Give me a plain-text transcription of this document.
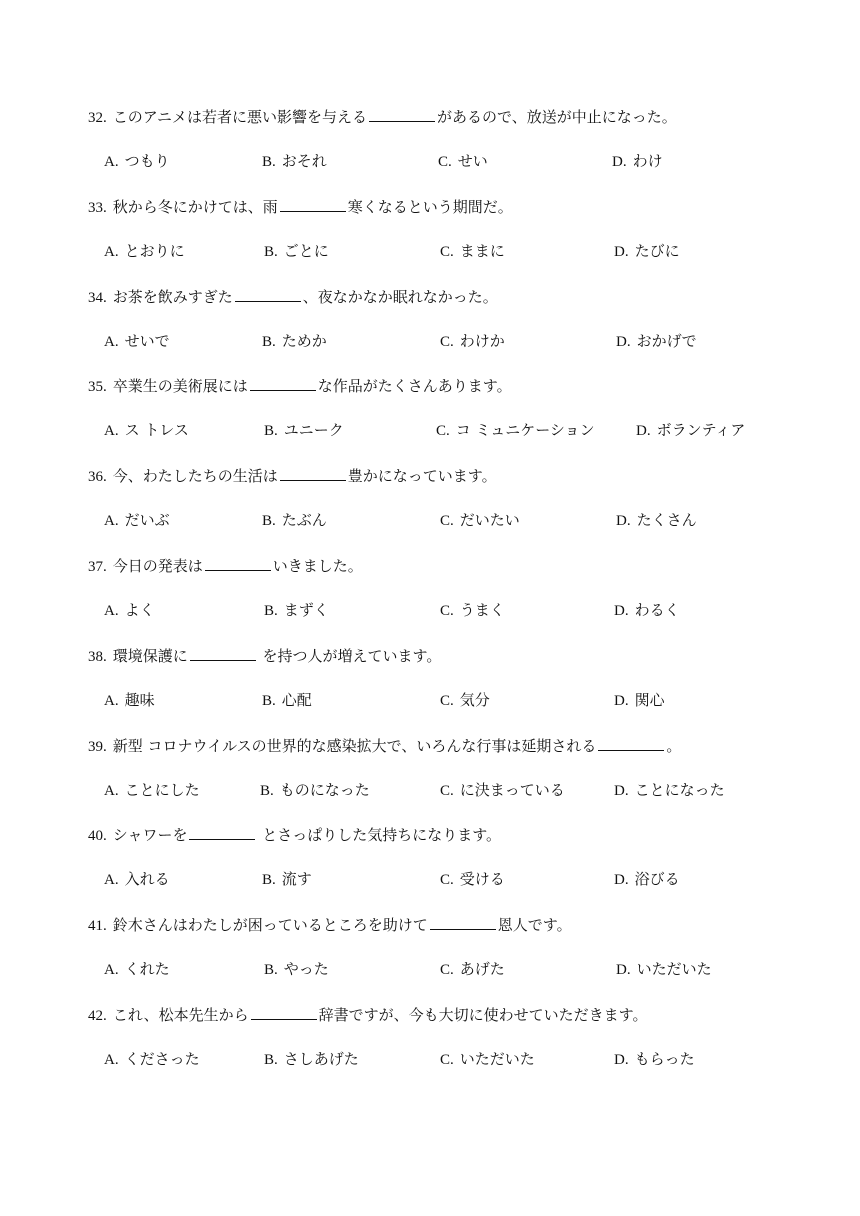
32. このアニメは若者に悪い影響を与える	があるので、放送が中止になった。
A. つもり	B. おそれ	C. せい	D. わけ
33. 秋から冬にかけては、雨	寒くなるという期間だ。
A. とおりに	B. ごとに	C. ままに	D. たびに
34. お茶を飲みすぎた	、夜なかなか眠れなかった。
A. せいで	B. ためか	C. わけか	D. おかげで
35. 卒業生の美術展には	な作品がたくさんあります。
A. ス トレス	B. ユニーク	C. コ ミュニケーション	D. ボランティア
36. 今、わたしたちの生活は	豊かになっています。
A. だいぶ	B. たぶん	C. だいたい	D. たくさん
37. 今日の発表は	いきました。
A. よく	B. まずく	C. うまく	D. わるく
38. 環境保護に	を持つ人が増えています。
A. 趣味	B. 心配	C. 気分	D. 関心
39. 新型 コロナウイルスの世界的な感染拡大で、いろんな行事は延期される	。
A. ことにした	B. ものになった	C. に決まっている	D. ことになった
40. シャワーを	とさっぱりした気持ちになります。
A. 入れる	B. 流す	C. 受ける	D. 浴びる
41. 鈴木さんはわたしが困っているところを助けて	恩人です。
A. くれた	B. やった	C. あげた	D. いただいた
42. これ、松本先生から	辞書ですが、今も大切に使わせていただきます。
A. くださった	B. さしあげた	C. いただいた	D. もらった
